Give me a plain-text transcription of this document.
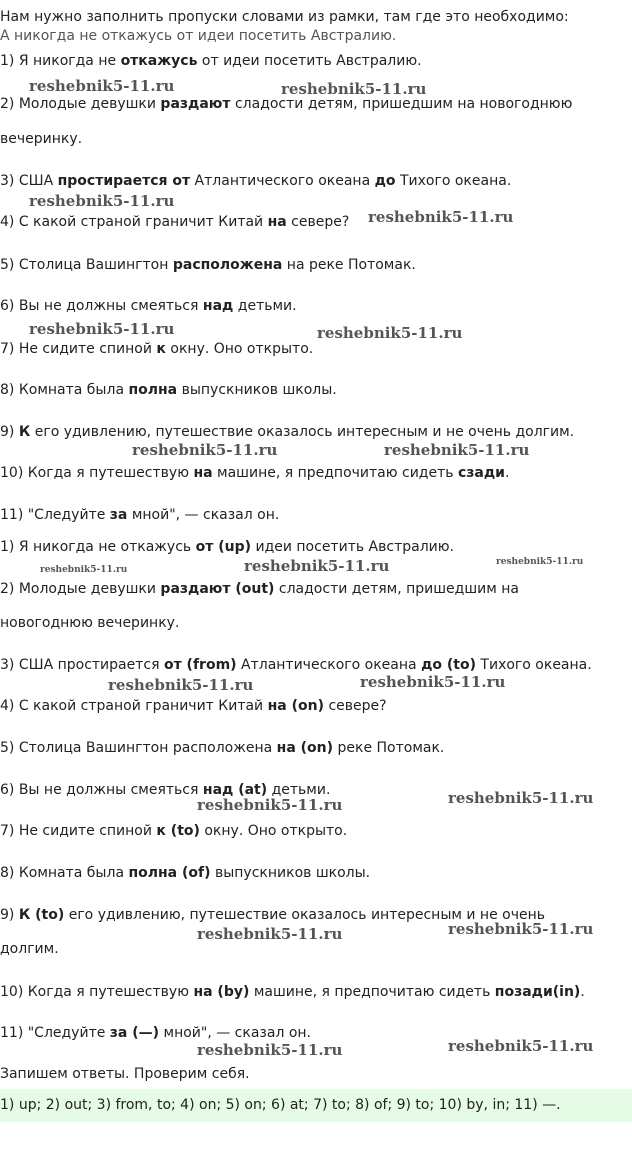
Нам нужно заполнить пропуски словами из рамки, там где это необходимо:
А никогда не откажусь от идеи посетить Австралию.
1) Я никогда не откажусь от идеи посетить Австралию.
2) Молодые девушки раздают сладости детям, пришедшим на новогоднюю
вечеринку.
3) США простирается от Атлантического океана до Тихого океана.
4) С какой страной граничит Китай на севере?
5) Столица Вашингтон расположена на реке Потомак.
6) Вы не должны смеяться над детьми.
7) Не сидите спиной к окну. Оно открыто.
8) Комната была полна выпускников школы.
9) К его удивлению, путешествие оказалось интересным и не очень долгим.
10) Когда я путешествую на машине, я предпочитаю сидеть сзади.
11) "Следуйте за мной", — сказал он.
1) Я никогда не откажусь от (up) идеи посетить Австралию.
2) Молодые девушки раздают (out) сладости детям, пришедшим на
новогоднюю вечеринку.
3) США простирается от (from) Атлантического океана до (to) Тихого океана.
4) С какой страной граничит Китай на (on) севере?
5) Столица Вашингтон расположена на (on) реке Потомак.
6) Вы не должны смеяться над (at) детьми.
7) Не сидите спиной к (to) окну. Оно открыто.
8) Комната была полна (of) выпускников школы.
9) К (to) его удивлению, путешествие оказалось интересным и не очень
долгим.
10) Когда я путешествую на (by) машине, я предпочитаю сидеть позади(in).
11) "Следуйте за (—) мной", — сказал он.
Запишем ответы. Проверим себя.
1) up; 2) out; 3) from, to; 4) on; 5) on; 6) at; 7) to; 8) of; 9) to; 10) by, in; 11) —.
reshebnik5-11.ru	reshebnik5-11.ru
reshebnik5-11.ru
reshebnik5-11.ru
reshebnik5-11.ru	reshebnik5-11.ru
reshebnik5-11.ru	reshebnik5-11.ru
reshebnik5-11.ru	reshebnik5-11.ru	reshebnik5-11.ru
reshebnik5-11.ru	reshebnik5-11.ru
reshebnik5-11.ru	reshebnik5-11.ru
reshebnik5-11.ru	reshebnik5-11.ru
reshebnik5-11.ru	reshebnik5-11.ru
